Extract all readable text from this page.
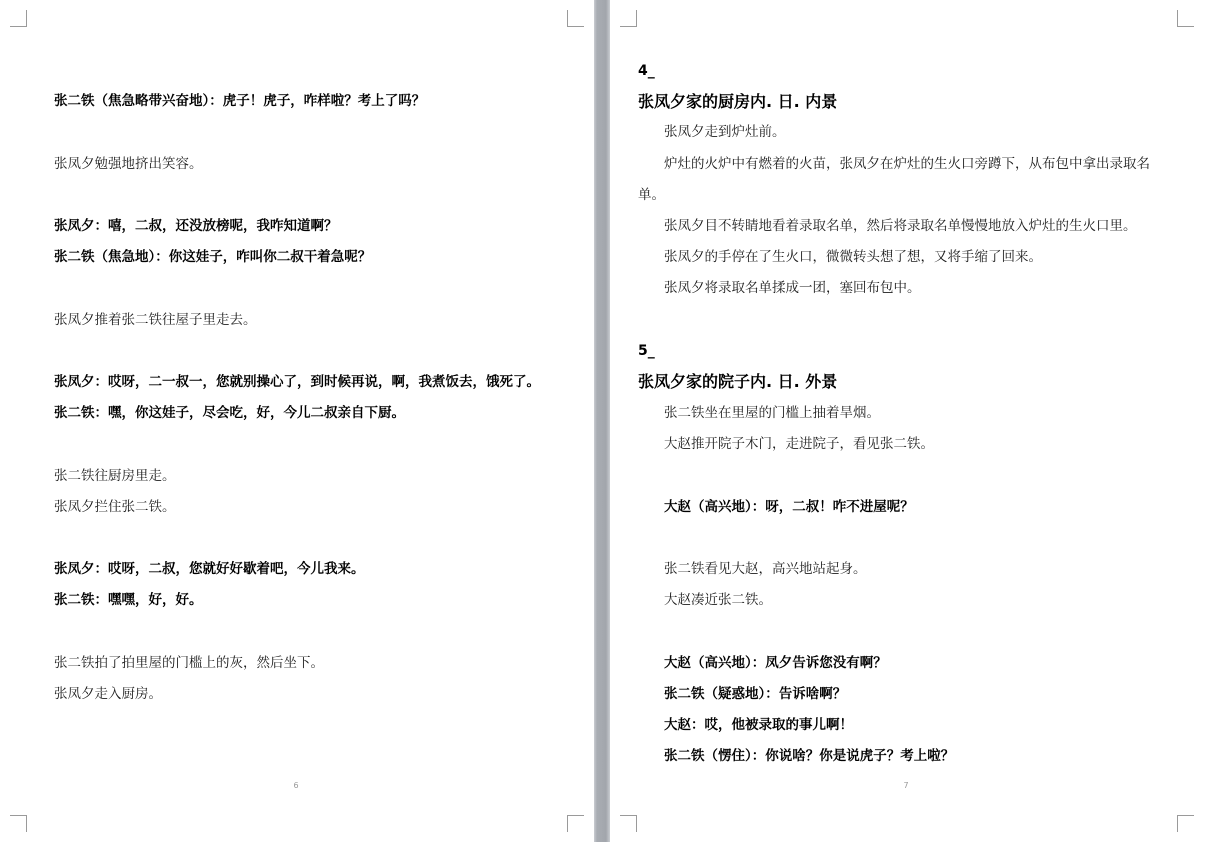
张二铁（焦急略带兴奋地）：虎子！虎子，咋样啦？考上了吗？
张凤夕勉强地挤出笑容。
张凤夕：嘻，二叔，还没放榜呢，我咋知道啊？
张二铁（焦急地）：你这娃子，咋叫你二叔干着急呢？
张凤夕推着张二铁往屋子里走去。
张凤夕：哎呀，二一叔一，您就别操心了，到时候再说，啊，我煮饭去，饿死了。
张二铁：嘿，你这娃子，尽会吃，好，今儿二叔亲自下厨。
张二铁往厨房里走。
张凤夕拦住张二铁。
张凤夕：哎呀，二叔，您就好好歇着吧，今儿我来。
张二铁：嘿嘿，好，好。
张二铁拍了拍里屋的门槛上的灰，然后坐下。
张凤夕走入厨房。
6
4_
张凤夕家的厨房内. 日. 内景
张凤夕走到炉灶前。
炉灶的火炉中有燃着的火苗，张凤夕在炉灶的生火口旁蹲下，从布包中拿出录取名
单。
张凤夕目不转睛地看着录取名单，然后将录取名单慢慢地放入炉灶的生火口里。
张凤夕的手停在了生火口，微微转头想了想，又将手缩了回来。
张凤夕将录取名单揉成一团，塞回布包中。
5_
张凤夕家的院子内. 日. 外景
张二铁坐在里屋的门槛上抽着旱烟。
大赵推开院子木门，走进院子，看见张二铁。
大赵（高兴地）：呀，二叔！咋不进屋呢？
张二铁看见大赵，高兴地站起身。
大赵凑近张二铁。
大赵（高兴地）：凤夕告诉您没有啊？
张二铁（疑惑地）：告诉啥啊？
大赵：哎，他被录取的事儿啊！
张二铁（愣住）：你说啥？你是说虎子？考上啦？
7
